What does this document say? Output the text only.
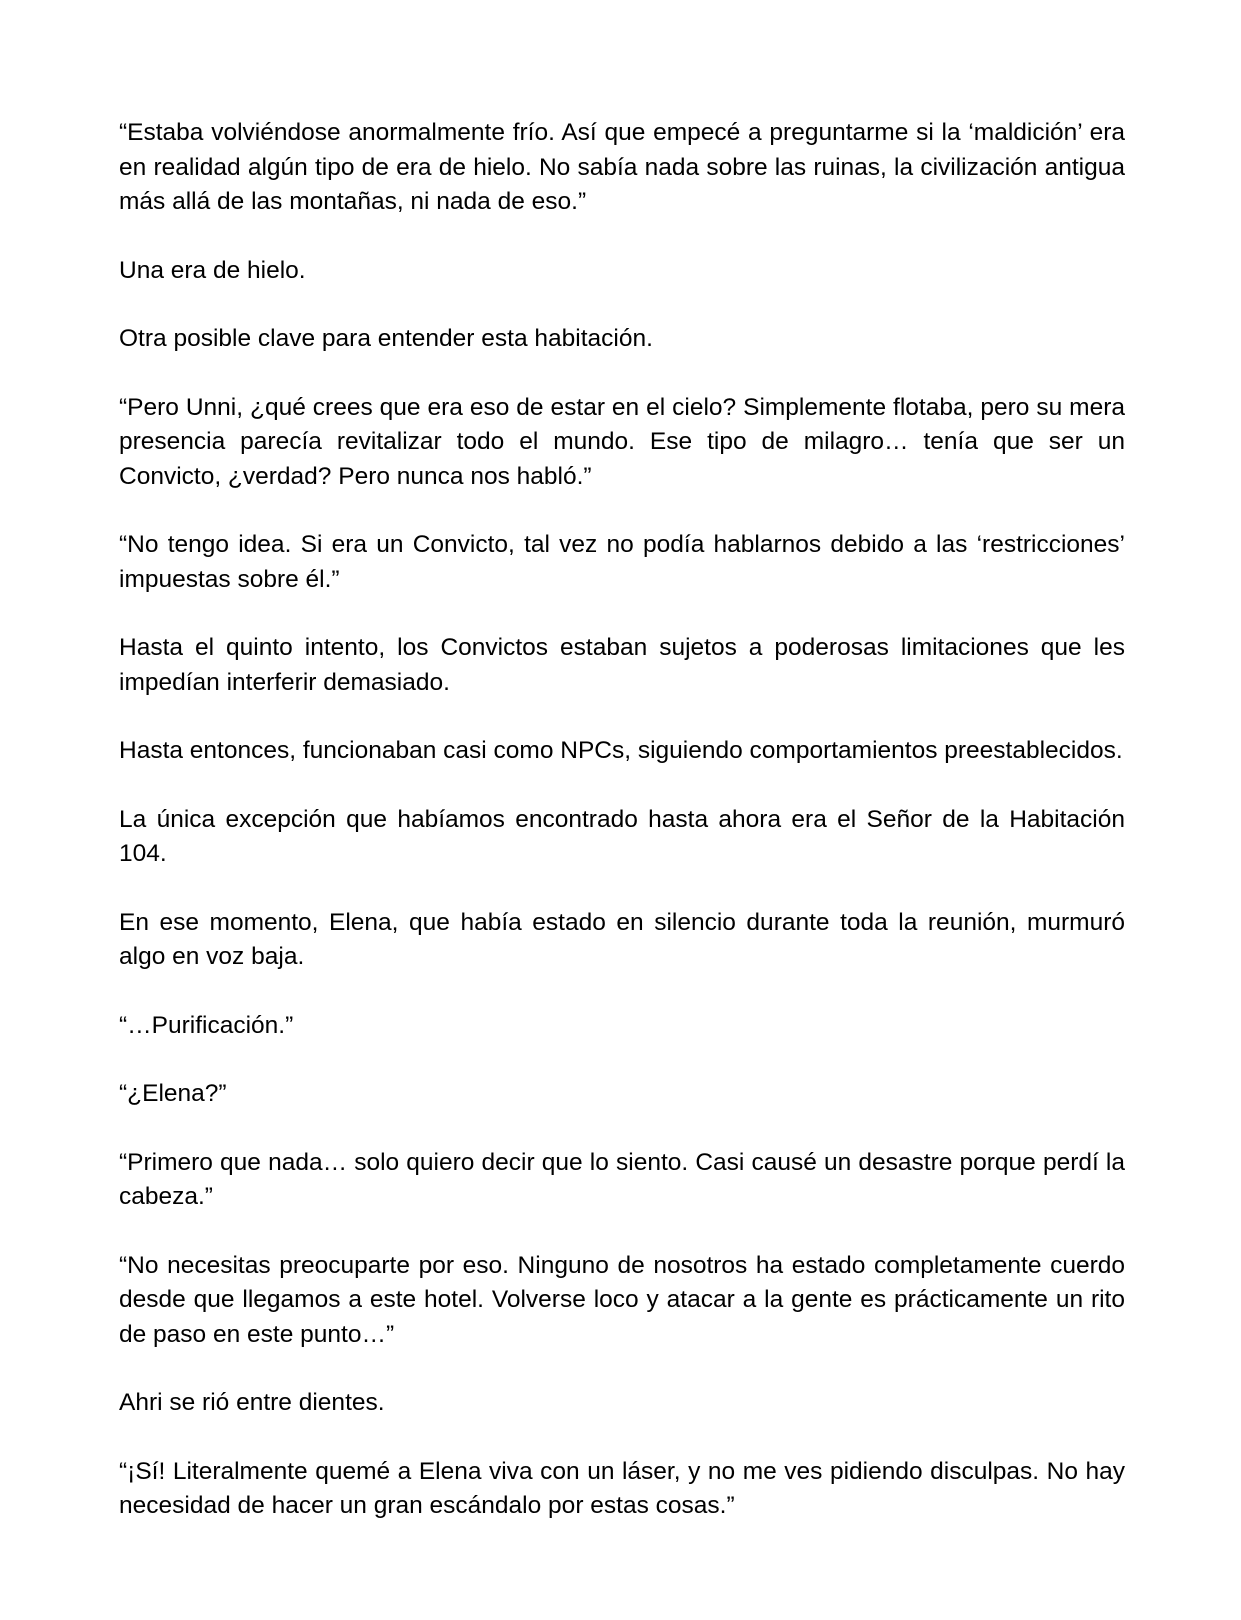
“Estaba volviéndose anormalmente frío. Así que empecé a preguntarme si la ‘maldición’ era en realidad algún tipo de era de hielo. No sabía nada sobre las ruinas, la civilización antigua más allá de las montañas, ni nada de eso.”

Una era de hielo.

Otra posible clave para entender esta habitación.

“Pero Unni, ¿qué crees que era eso de estar en el cielo? Simplemente flotaba, pero su mera presencia parecía revitalizar todo el mundo. Ese tipo de milagro… tenía que ser un Convicto, ¿verdad? Pero nunca nos habló.”

“No tengo idea. Si era un Convicto, tal vez no podía hablarnos debido a las ‘restricciones’ impuestas sobre él.”

Hasta el quinto intento, los Convictos estaban sujetos a poderosas limitaciones que les impedían interferir demasiado.

Hasta entonces, funcionaban casi como NPCs, siguiendo comportamientos preestablecidos.

La única excepción que habíamos encontrado hasta ahora era el Señor de la Habitación 104.

En ese momento, Elena, que había estado en silencio durante toda la reunión, murmuró algo en voz baja.

“…Purificación.”

“¿Elena?”

“Primero que nada… solo quiero decir que lo siento. Casi causé un desastre porque perdí la cabeza.”

“No necesitas preocuparte por eso. Ninguno de nosotros ha estado completamente cuerdo desde que llegamos a este hotel. Volverse loco y atacar a la gente es prácticamente un rito de paso en este punto…”

Ahri se rió entre dientes.

“¡Sí! Literalmente quemé a Elena viva con un láser, y no me ves pidiendo disculpas. No hay necesidad de hacer un gran escándalo por estas cosas.”
